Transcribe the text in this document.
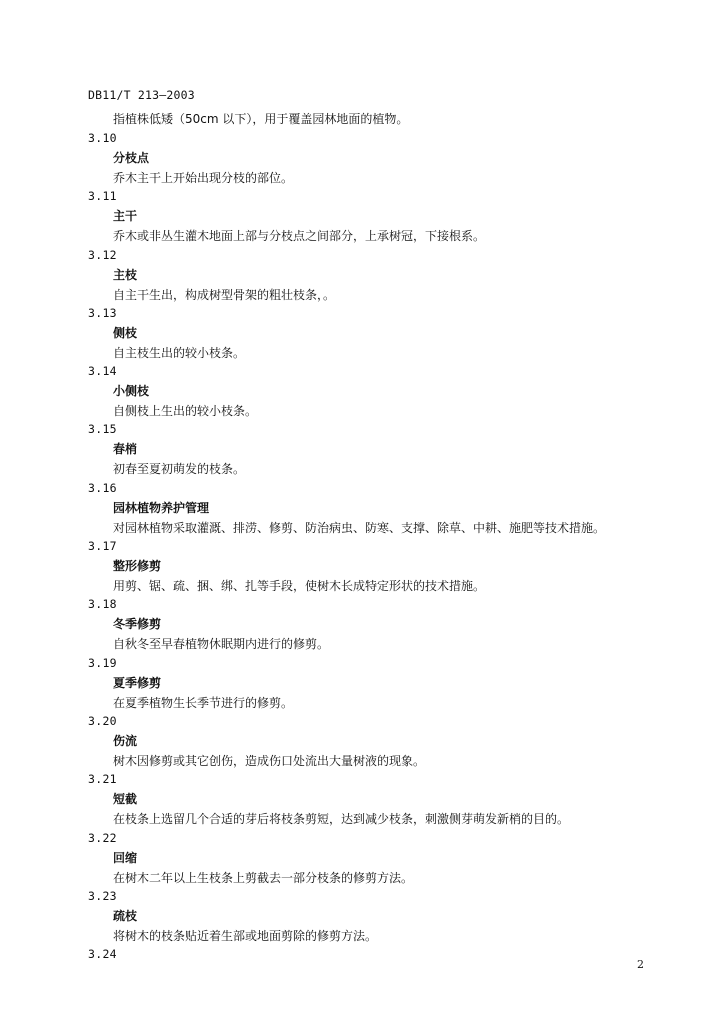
DB11/T 213—2003
指植株低矮（50cm 以下），用于覆盖园林地面的植物。
3.10
分枝点
乔木主干上开始出现分枝的部位。
3.11
主干
乔木或非丛生灌木地面上部与分枝点之间部分，上承树冠，下接根系。
3.12
主枝
自主干生出，构成树型骨架的粗壮枝条，。
3.13
侧枝
自主枝生出的较小枝条。
3.14
小侧枝
自侧枝上生出的较小枝条。
3.15
春梢
初春至夏初萌发的枝条。
3.16
园林植物养护管理
对园林植物采取灌溉、排涝、修剪、防治病虫、防寒、支撑、除草、中耕、施肥等技术措施。
3.17
整形修剪
用剪、锯、疏、捆、绑、扎等手段，使树木长成特定形状的技术措施。
3.18
冬季修剪
自秋冬至早春植物休眠期内进行的修剪。
3.19
夏季修剪
在夏季植物生长季节进行的修剪。
3.20
伤流
树木因修剪或其它创伤，造成伤口处流出大量树液的现象。
3.21
短截
在枝条上选留几个合适的芽后将枝条剪短，达到减少枝条，刺激侧芽萌发新梢的目的。
3.22
回缩
在树木二年以上生枝条上剪截去一部分枝条的修剪方法。
3.23
疏枝
将树木的枝条贴近着生部或地面剪除的修剪方法。
3.24
2
